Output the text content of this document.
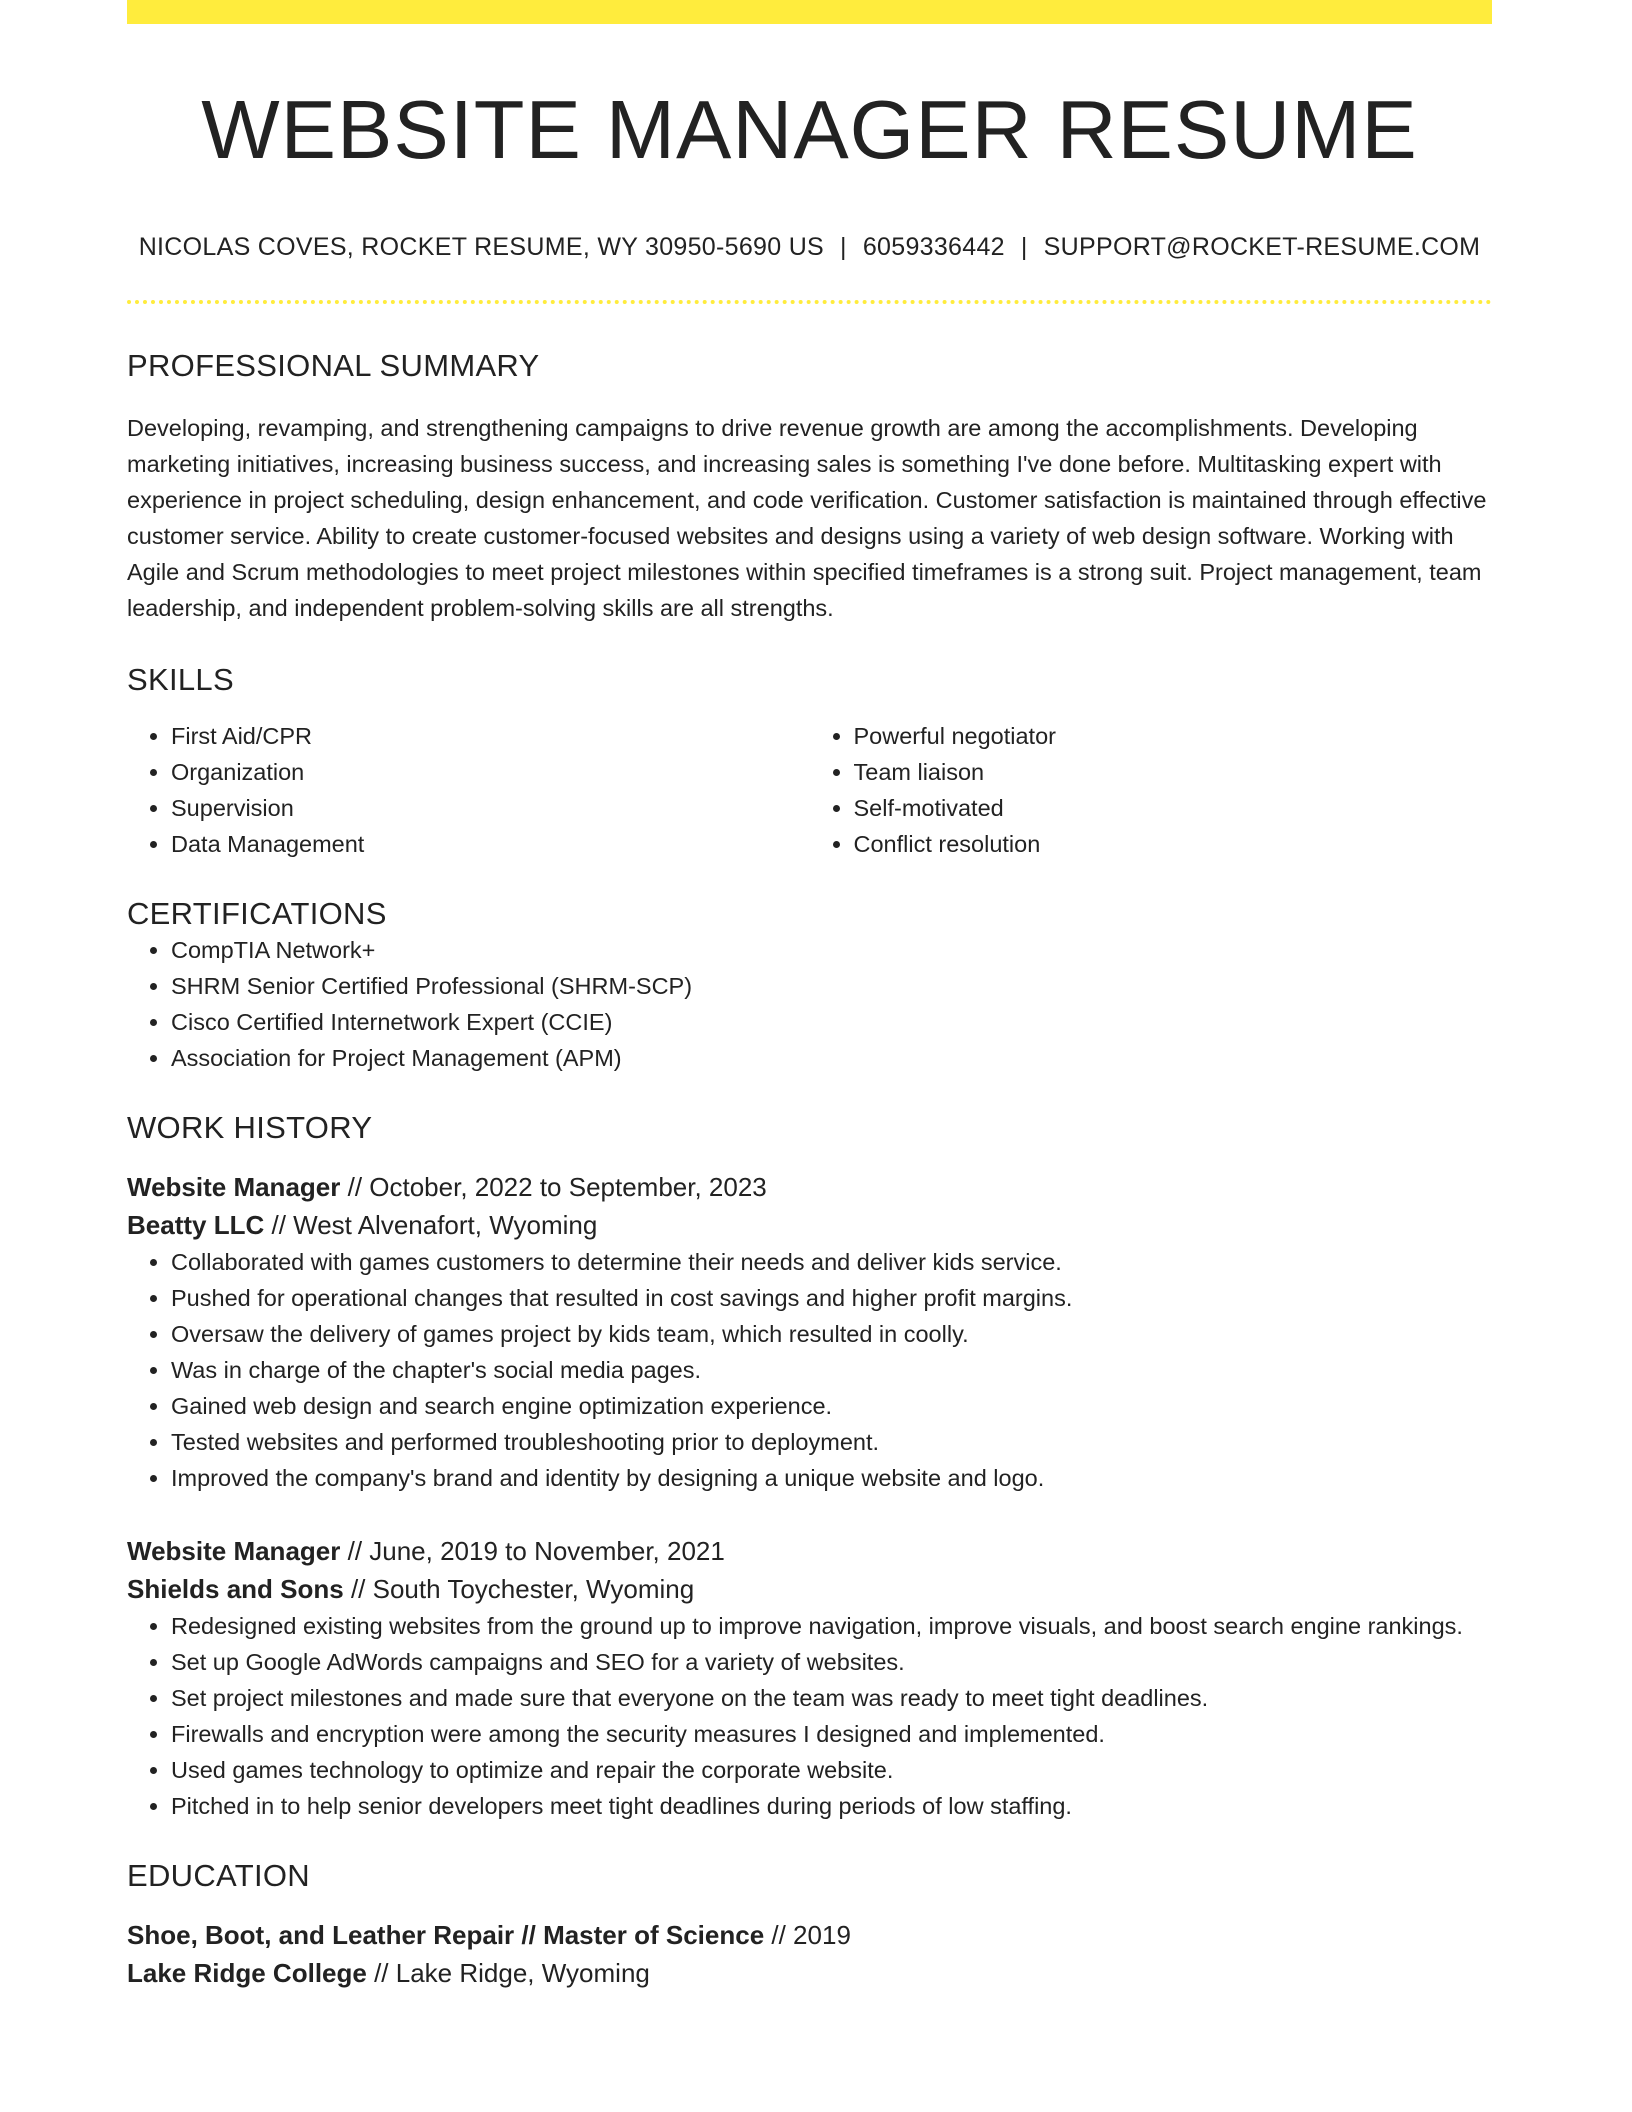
WEBSITE MANAGER RESUME
NICOLAS COVES, ROCKET RESUME, WY 30950-5690 US | 6059336442 | SUPPORT@ROCKET-RESUME.COM
PROFESSIONAL SUMMARY

Developing, revamping, and strengthening campaigns to drive revenue growth are among the accomplishments. Developing marketing initiatives, increasing business success, and increasing sales is something I've done before. Multitasking expert with experience in project scheduling, design enhancement, and code verification. Customer satisfaction is maintained through effective customer service. Ability to create customer-focused websites and designs using a variety of web design software. Working with Agile and Scrum methodologies to meet project milestones within specified timeframes is a strong suit. Project management, team leadership, and independent problem-solving skills are all strengths.

SKILLS
• First Aid/CPR
• Organization
• Supervision
• Data Management
• Powerful negotiator
• Team liaison
• Self-motivated
• Conflict resolution
CERTIFICATIONS
• CompTIA Network+
• SHRM Senior Certified Professional (SHRM-SCP)
• Cisco Certified Internetwork Expert (CCIE)
• Association for Project Management (APM)
WORK HISTORY
Website Manager // October, 2022 to September, 2023
Beatty LLC // West Alvenafort, Wyoming
• Collaborated with games customers to determine their needs and deliver kids service.
• Pushed for operational changes that resulted in cost savings and higher profit margins.
• Oversaw the delivery of games project by kids team, which resulted in coolly.
• Was in charge of the chapter's social media pages.
• Gained web design and search engine optimization experience.
• Tested websites and performed troubleshooting prior to deployment.
• Improved the company's brand and identity by designing a unique website and logo.
Website Manager // June, 2019 to November, 2021
Shields and Sons // South Toychester, Wyoming
• Redesigned existing websites from the ground up to improve navigation, improve visuals, and boost search engine rankings.
• Set up Google AdWords campaigns and SEO for a variety of websites.
• Set project milestones and made sure that everyone on the team was ready to meet tight deadlines.
• Firewalls and encryption were among the security measures I designed and implemented.
• Used games technology to optimize and repair the corporate website.
• Pitched in to help senior developers meet tight deadlines during periods of low staffing.
EDUCATION
Shoe, Boot, and Leather Repair // Master of Science // 2019
Lake Ridge College // Lake Ridge, Wyoming
